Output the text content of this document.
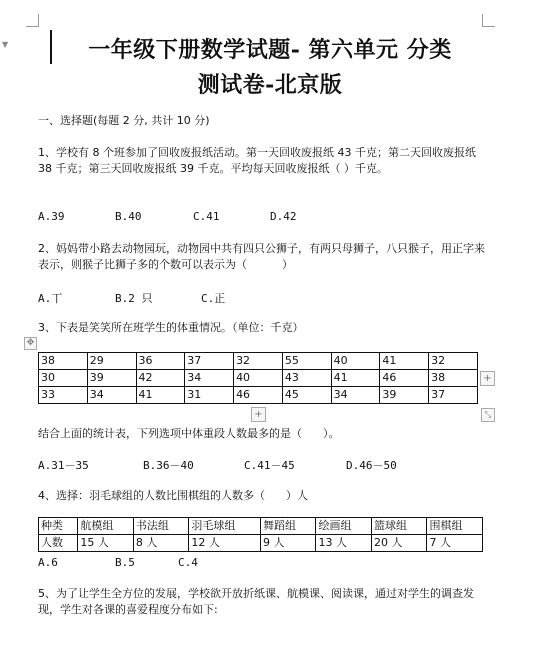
▼	一年级下册数学试题- 第六单元 分类
测试卷-北京版
一、选择题(每题 2 分, 共计 10 分)
1、学校有 8 个班参加了回收废报纸活动。第一天回收废报纸 43 千克；第二天回收废报纸 38 千克；第三天回收废报纸 39 千克。平均每天回收废报纸（ ）千克。
A.39	B.40	C.41	D.42
2、妈妈带小路去动物园玩，动物园中共有四只公狮子，有两只母狮子，八只猴子，用正字来表示，则猴子比狮子多的个数可以表示为（          ）
A.丅	B.2 只	C.正
3、下表是笑笑所在班学生的体重情况。（单位：千克）
✥
38	29	36	37	32	55	40	41	32
30	39	42	34	40	43	41	46	38
33	34	41	31	46	45	34	39	37
+
+	⤡
结合上面的统计表，下列选项中体重段人数最多的是（      ）。
A.31－35	B.36－40	C.41－45	D.46－50
4、选择：羽毛球组的人数比围棋组的人数多（      ）人
种类	航模组	书法组	羽毛球组	舞蹈组	绘画组	篮球组	围棋组
人数	15 人	8 人	12 人	9 人	13 人	20 人	7 人
A.6	B.5	C.4
5、为了让学生全方位的发展，学校欲开放折纸课、航模课、阅读课，通过对学生的调查发现，学生对各课的喜爱程度分布如下:
